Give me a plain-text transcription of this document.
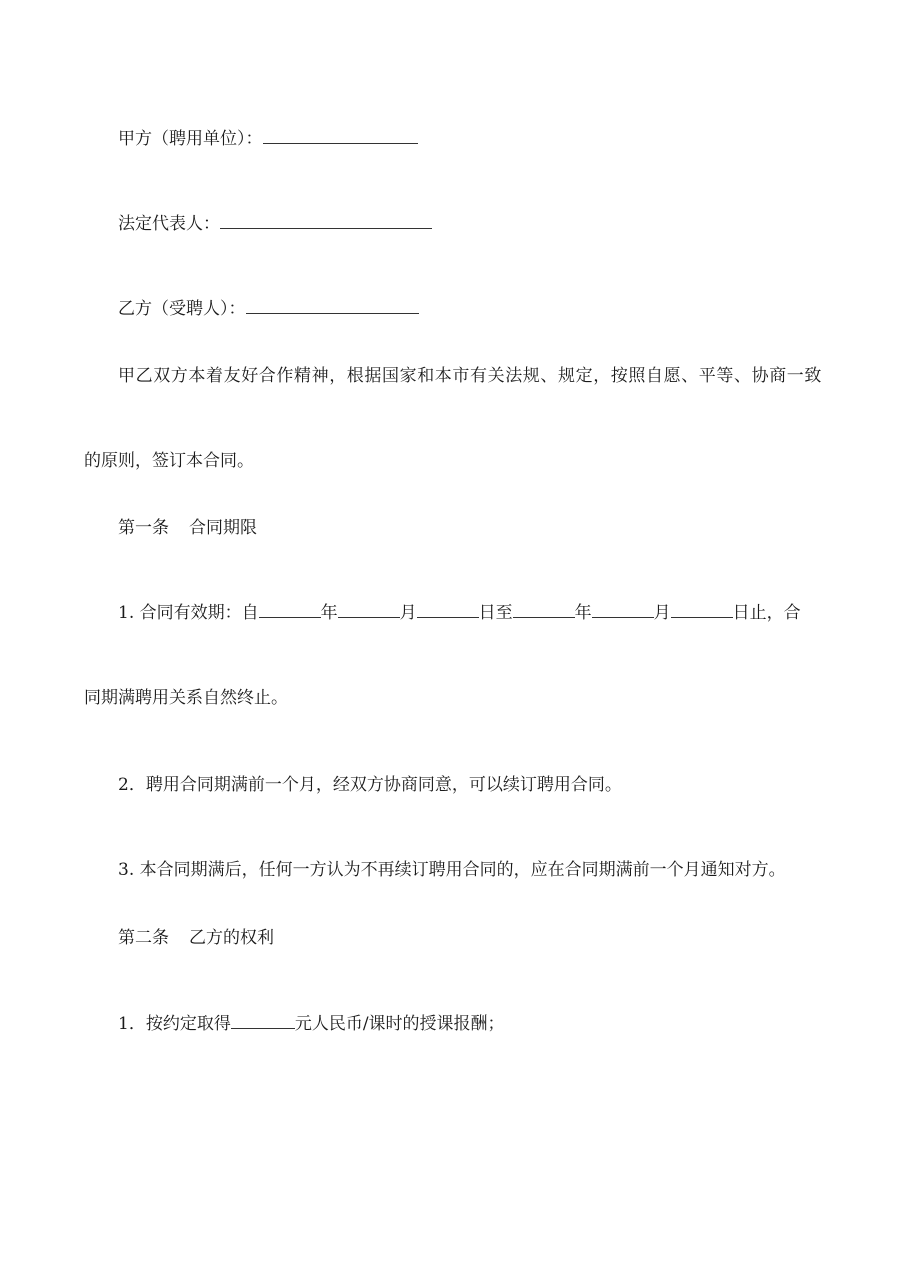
甲方（聘用单位）：
法定代表人：
乙方（受聘人）：
甲乙双方本着友好合作精神，根据国家和本市有关法规、规定，按照自愿、平等、协商一致
的原则，签订本合同。
第一条 合同期限
1. 合同有效期：自	年	月	日至	年	月	日止，合
同期满聘用关系自然终止。
2．聘用合同期满前一个月，经双方协商同意，可以续订聘用合同。
3. 本合同期满后，任何一方认为不再续订聘用合同的，应在合同期满前一个月通知对方。
第二条 乙方的权利
1．按约定取得	元人民币/课时的授课报酬；
